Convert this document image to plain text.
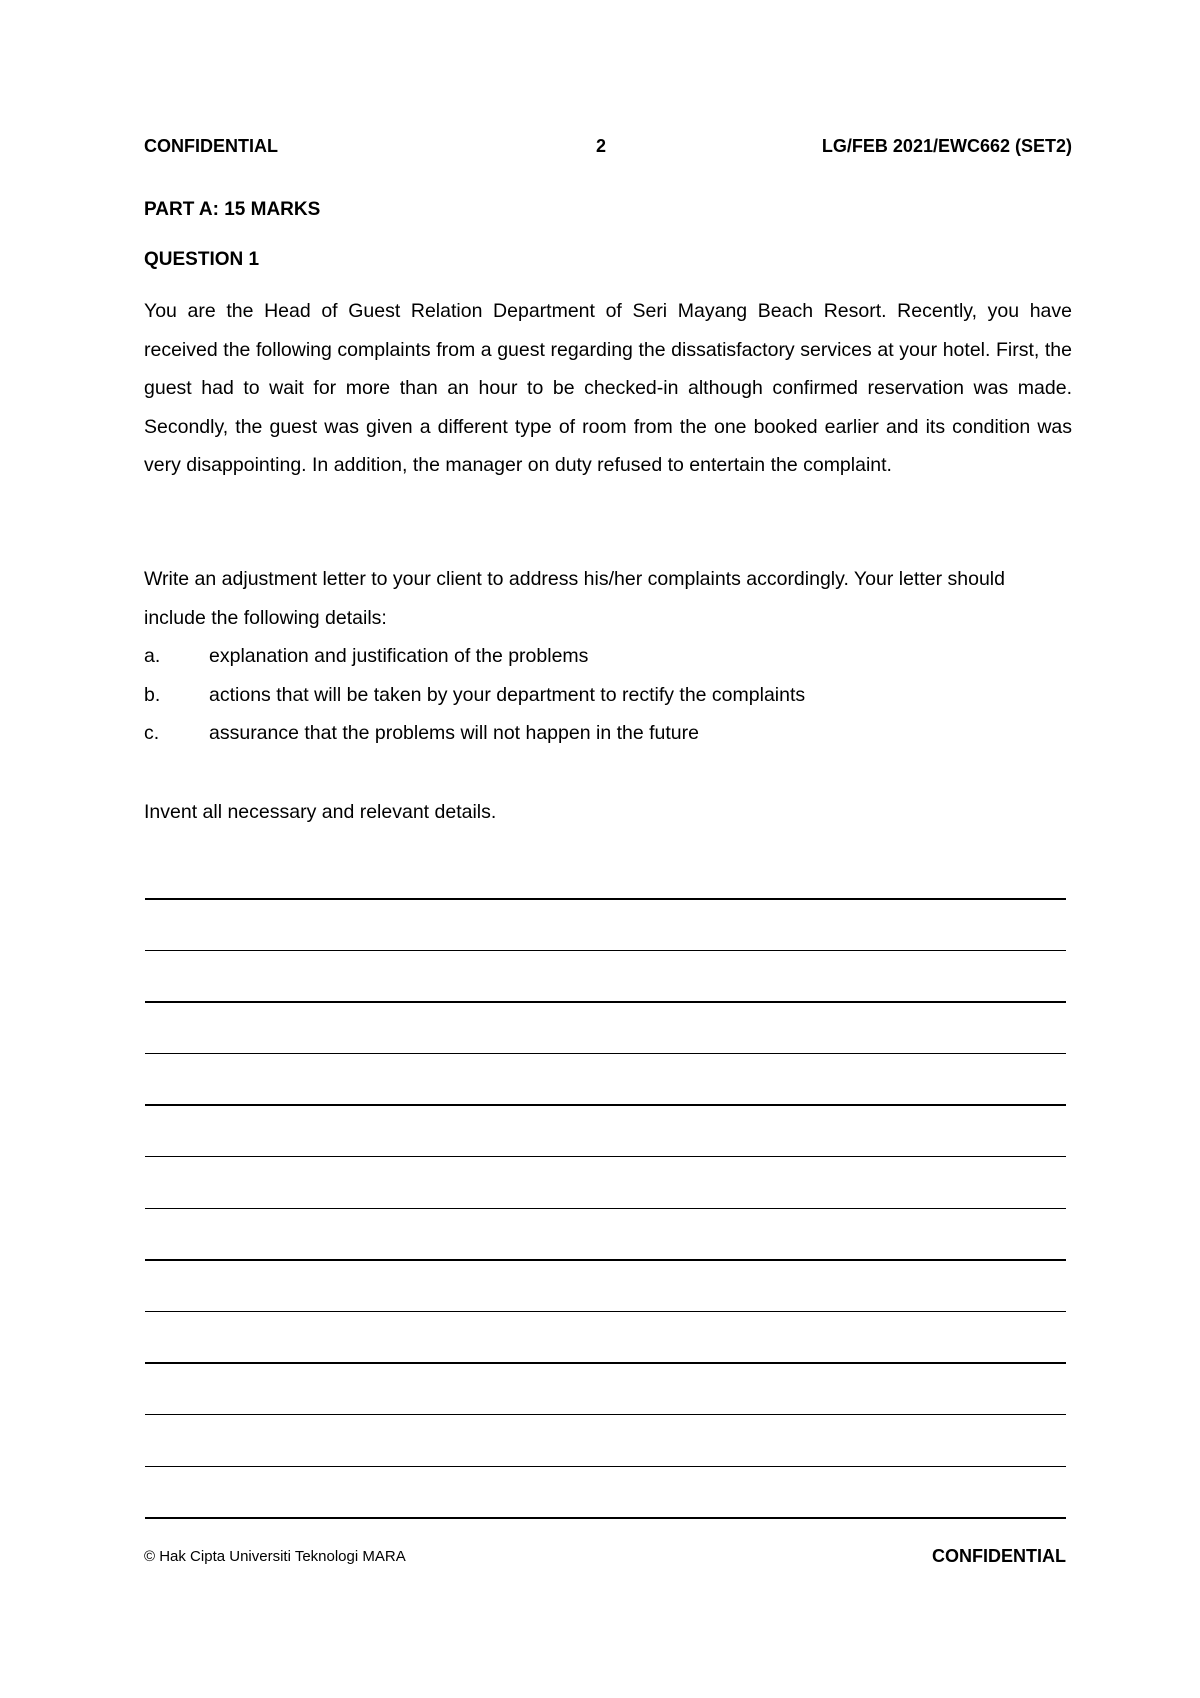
CONFIDENTIAL	2	LG/FEB 2021/EWC662 (SET2)
PART A: 15 MARKS
QUESTION 1
You are the Head of Guest Relation Department of Seri Mayang Beach Resort. Recently, you have received the following complaints from a guest regarding the dissatisfactory services at your hotel. First, the guest had to wait for more than an hour to be checked-in although confirmed reservation was made. Secondly, the guest was given a different type of room from the one booked earlier and its condition was very disappointing. In addition, the manager on duty refused to entertain the complaint.
Write an adjustment letter to your client to address his/her complaints accordingly. Your letter should include the following details:
a. explanation and justification of the problems
b. actions that will be taken by your department to rectify the complaints
c.	assurance that the problems will not happen in the future
Invent all necessary and relevant details.
© Hak Cipta Universiti Teknologi MARA	CONFIDENTIAL
